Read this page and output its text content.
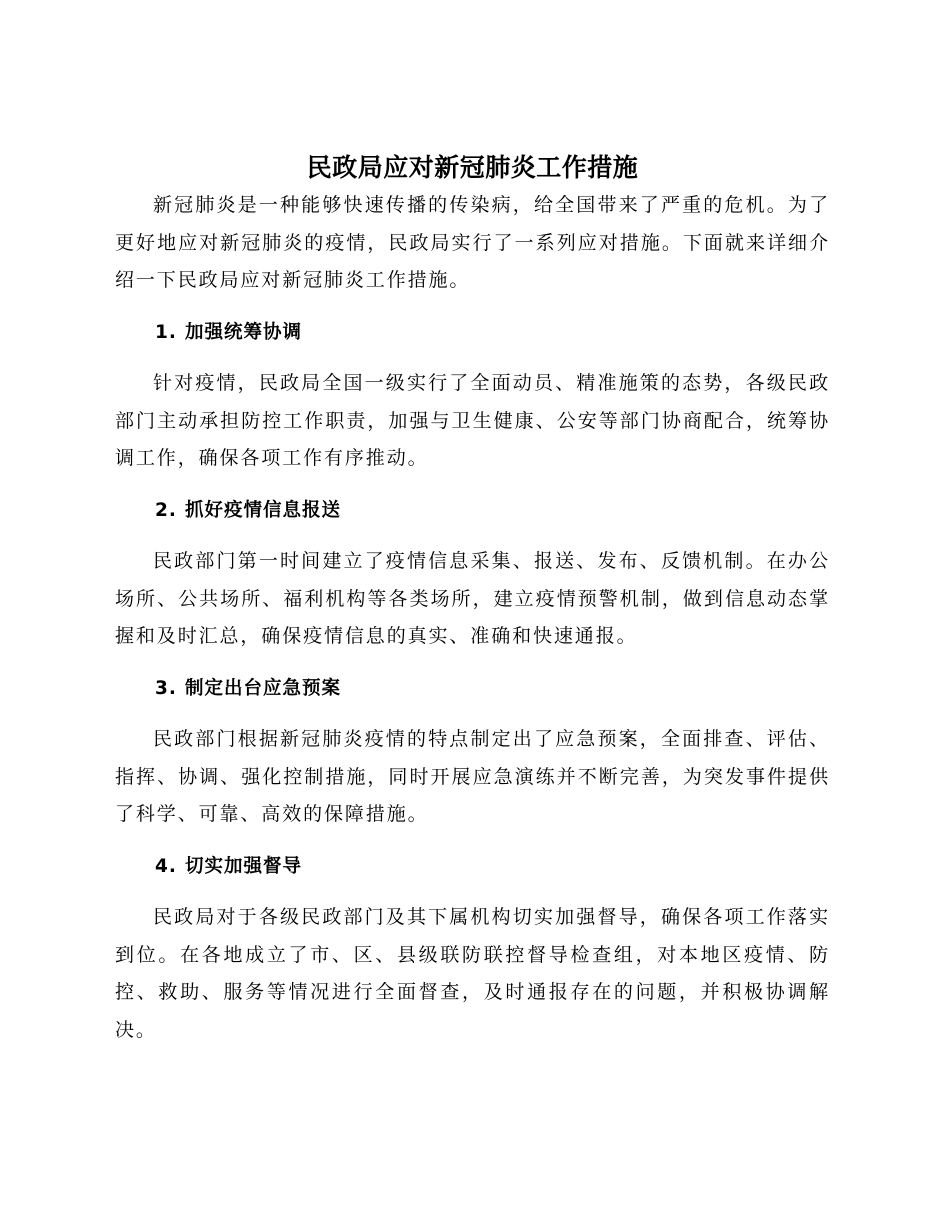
民政局应对新冠肺炎工作措施

新冠肺炎是一种能够快速传播的传染病，给全国带来了严重的危机。为了更好地应对新冠肺炎的疫情，民政局实行了一系列应对措施。下面就来详细介绍一下民政局应对新冠肺炎工作措施。

1. 加强统筹协调

针对疫情，民政局全国一级实行了全面动员、精准施策的态势，各级民政部门主动承担防控工作职责，加强与卫生健康、公安等部门协商配合，统筹协调工作，确保各项工作有序推动。

2. 抓好疫情信息报送

民政部门第一时间建立了疫情信息采集、报送、发布、反馈机制。在办公场所、公共场所、福利机构等各类场所，建立疫情预警机制，做到信息动态掌握和及时汇总，确保疫情信息的真实、准确和快速通报。

3. 制定出台应急预案

民政部门根据新冠肺炎疫情的特点制定出了应急预案，全面排查、评估、指挥、协调、强化控制措施，同时开展应急演练并不断完善，为突发事件提供了科学、可靠、高效的保障措施。

4. 切实加强督导

民政局对于各级民政部门及其下属机构切实加强督导，确保各项工作落实到位。在各地成立了市、区、县级联防联控督导检查组，对本地区疫情、防控、救助、服务等情况进行全面督查，及时通报存在的问题，并积极协调解决。
